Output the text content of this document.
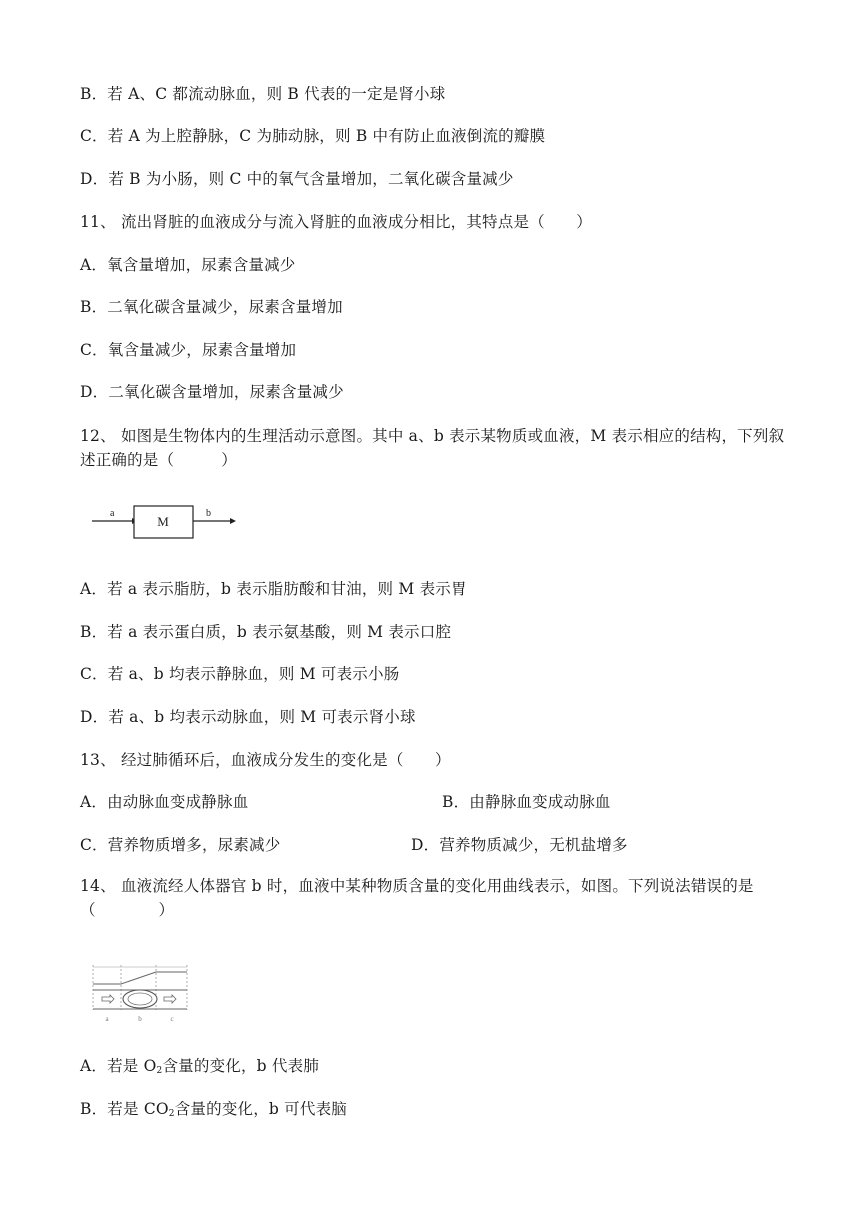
B．若 A、C 都流动脉血，则 B 代表的一定是肾小球
C．若 A 为上腔静脉，C 为肺动脉，则 B 中有防止血液倒流的瓣膜
D．若 B 为小肠，则 C 中的氧气含量增加，二氧化碳含量减少
11、 流出肾脏的血液成分与流入肾脏的血液成分相比，其特点是（　　）
A．氧含量增加，尿素含量减少
B．二氧化碳含量减少，尿素含量增加
C．氧含量减少，尿素含量增加
D．二氧化碳含量增加，尿素含量减少
12、 如图是生物体内的生理活动示意图。其中 a、b 表示某物质或血液，M 表示相应的结构，下列叙述正确的是（　　　）
a
M
b
A．若 a 表示脂肪，b 表示脂肪酸和甘油，则 M 表示胃
B．若 a 表示蛋白质，b 表示氨基酸，则 M 表示口腔
C．若 a、b 均表示静脉血，则 M 可表示小肠
D．若 a、b 均表示动脉血，则 M 可表示肾小球
13、 经过肺循环后，血液成分发生的变化是（　　）
A．由动脉血变成静脉血	B．由静脉血变成动脉血
C．营养物质增多，尿素减少	D．营养物质减少，无机盐增多
14、 血液流经人体器官 b 时，血液中某种物质含量的变化用曲线表示，如图。下列说法错误的是（　　　　）
a	b	c
A．若是 $O_2$含量的变化，b 代表肺
B．若是 $CO_2$含量的变化，b 可代表脑
